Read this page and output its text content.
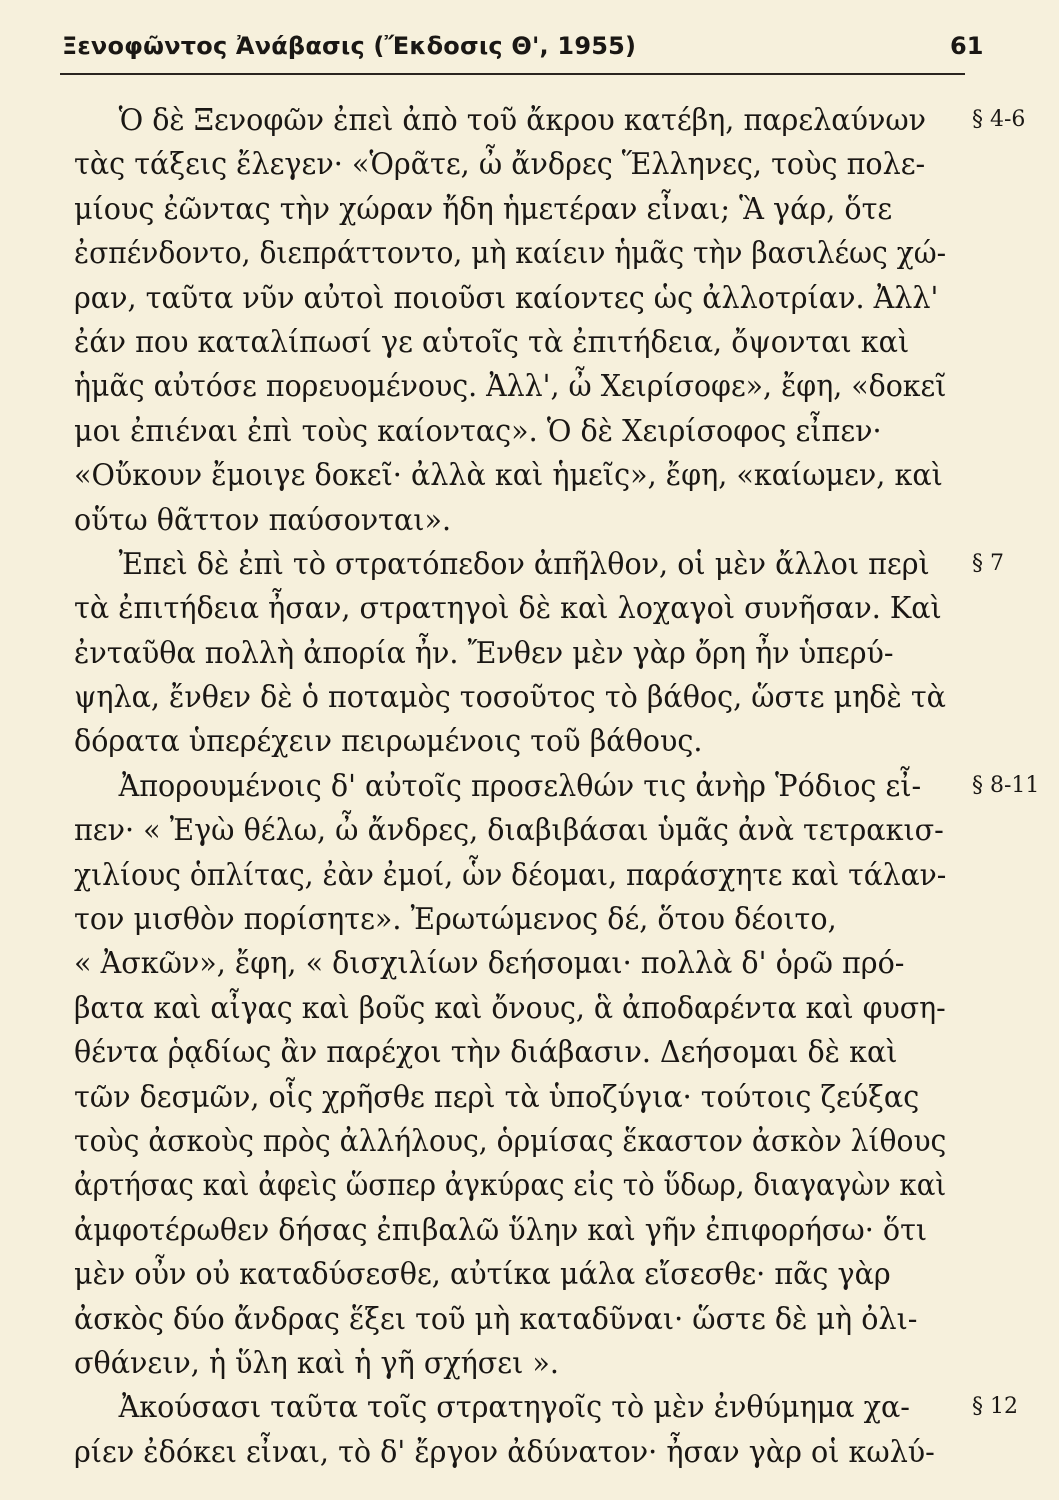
Ξενοφῶντος Ἀνάβασις (Ἔκδοσις Θ', 1955)	61
Ὁ δὲ Ξενοφῶν ἐπεὶ ἀπὸ τοῦ ἄκρου κατέβη, παρελαύνων	§ 4-6
τὰς τάξεις ἔλεγεν· «Ὁρᾶτε, ὦ ἄνδρες Ἕλληνες, τοὺς πολε-
μίους ἐῶντας τὴν χώραν ἤδη ἡμετέραν εἶναι; Ἃ γάρ, ὅτε
ἐσπένδοντο, διεπράττοντο, μὴ καίειν ἡμᾶς τὴν βασιλέως χώ-
ραν, ταῦτα νῦν αὐτοὶ ποιοῦσι καίοντες ὡς ἀλλοτρίαν. Ἀλλ'
ἐάν που καταλίπωσί γε αὑτοῖς τὰ ἐπιτήδεια, ὄψονται καὶ
ἡμᾶς αὐτόσε πορευομένους. Ἀλλ', ὦ Χειρίσοφε», ἔφη, «δοκεῖ
μοι ἐπιέναι ἐπὶ τοὺς καίοντας». Ὁ δὲ Χειρίσοφος εἶπεν·
«Οὔκουν ἔμοιγε δοκεῖ· ἀλλὰ καὶ ἡμεῖς», ἔφη, «καίωμεν, καὶ
οὕτω θᾶττον παύσονται».
Ἐπεὶ δὲ ἐπὶ τὸ στρατόπεδον ἀπῆλθον, οἱ μὲν ἄλλοι περὶ	§ 7
τὰ ἐπιτήδεια ἦσαν, στρατηγοὶ δὲ καὶ λοχαγοὶ συνῆσαν. Καὶ
ἐνταῦθα πολλὴ ἀπορία ἦν. Ἔνθεν μὲν γὰρ ὄρη ἦν ὑπερύ-
ψηλα, ἔνθεν δὲ ὁ ποταμὸς τοσοῦτος τὸ βάθος, ὥστε μηδὲ τὰ
δόρατα ὑπερέχειν πειρωμένοις τοῦ βάθους.
Ἀπορουμένοις δ' αὐτοῖς προσελθών τις ἀνὴρ Ῥόδιος εἶ-	§ 8-11
πεν· « Ἐγὼ θέλω, ὦ ἄνδρες, διαβιβάσαι ὑμᾶς ἀνὰ τετρακισ-
χιλίους ὁπλίτας, ἐὰν ἐμοί, ὧν δέομαι, παράσχητε καὶ τάλαν-
τον μισθὸν πορίσητε». Ἐρωτώμενος δέ, ὅτου δέοιτο,
« Ἀσκῶν», ἔφη, « δισχιλίων δεήσομαι· πολλὰ δ' ὁρῶ πρό-
βατα καὶ αἶγας καὶ βοῦς καὶ ὄνους, ἃ ἀποδαρέντα καὶ φυση-
θέντα ῥᾳδίως ἂν παρέχοι τὴν διάβασιν. Δεήσομαι δὲ καὶ
τῶν δεσμῶν, οἷς χρῆσθε περὶ τὰ ὑποζύγια· τούτοις ζεύξας
τοὺς ἀσκοὺς πρὸς ἀλλήλους, ὁρμίσας ἕκαστον ἀσκὸν λίθους
ἀρτήσας καὶ ἀφεὶς ὥσπερ ἀγκύρας εἰς τὸ ὕδωρ, διαγαγὼν καὶ
ἀμφοτέρωθεν δήσας ἐπιβαλῶ ὕλην καὶ γῆν ἐπιφορήσω· ὅτι
μὲν οὖν οὐ καταδύσεσθε, αὐτίκα μάλα εἴσεσθε· πᾶς γὰρ
ἀσκὸς δύο ἄνδρας ἕξει τοῦ μὴ καταδῦναι· ὥστε δὲ μὴ ὀλι-
σθάνειν, ἡ ὕλη καὶ ἡ γῆ σχήσει ».
Ἀκούσασι ταῦτα τοῖς στρατηγοῖς τὸ μὲν ἐνθύμημα χα-	§ 12
ρίεν ἐδόκει εἶναι, τὸ δ' ἔργον ἀδύνατον· ἦσαν γὰρ οἱ κωλύ-
